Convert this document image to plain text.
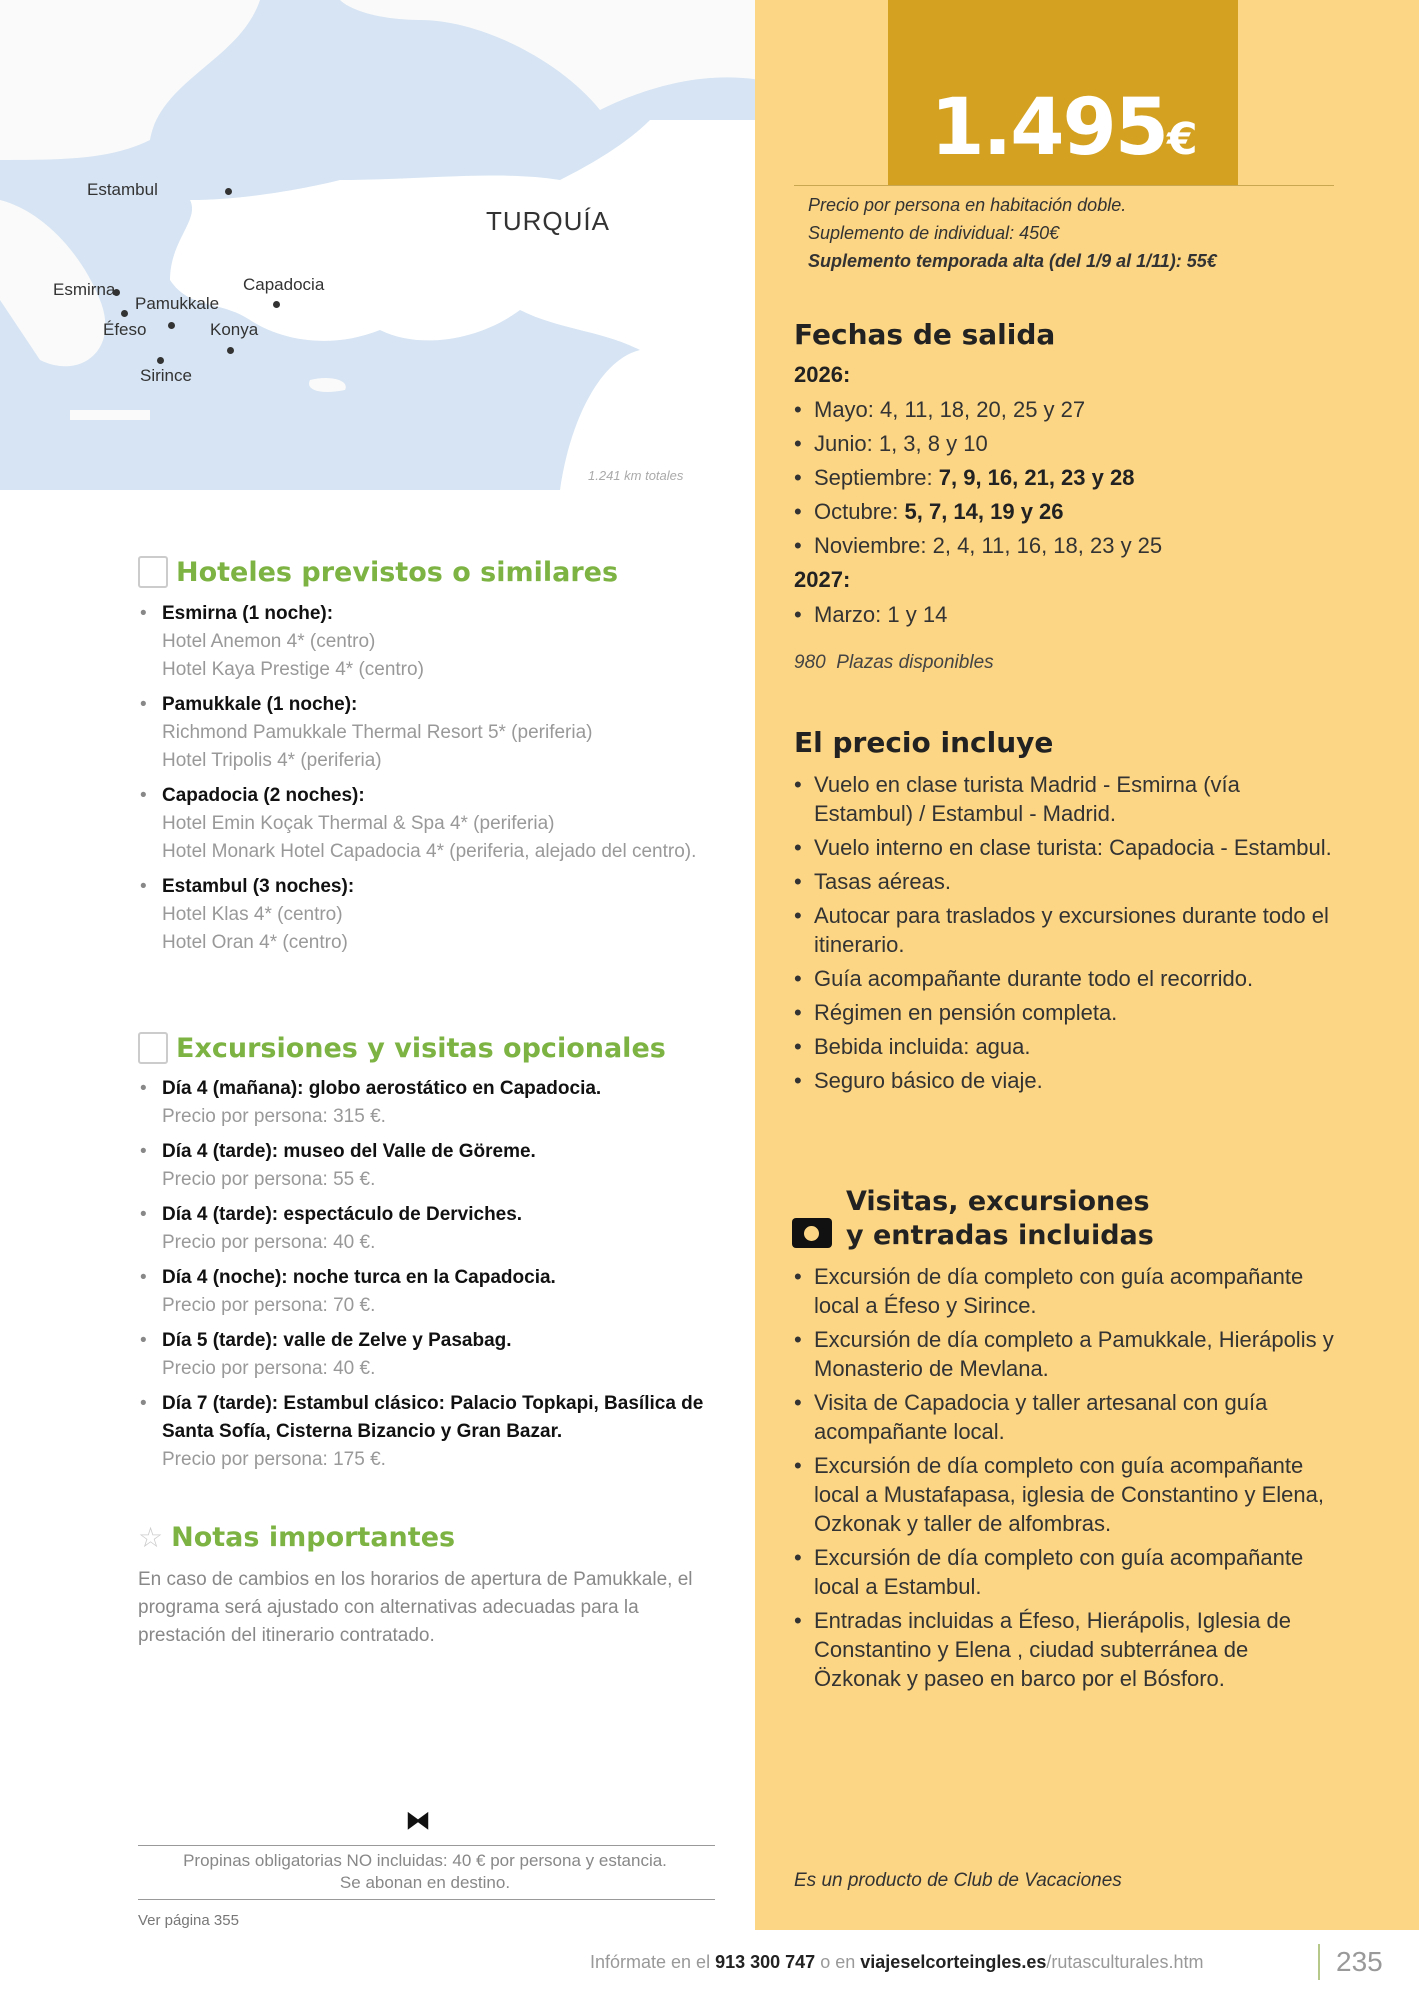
Estambul
Esmirna
Pamukkale
Éfeso
Capadocia
Konya
Sirince
TURQUÍA
1.241 km totales
Hoteles previstos o similares
• Esmirna (1 noche):
Hotel Anemon 4* (centro)
Hotel Kaya Prestige 4* (centro)
• Pamukkale (1 noche):
Richmond Pamukkale Thermal Resort 5* (periferia)
Hotel Tripolis 4* (periferia)
• Capadocia (2 noches):
Hotel Emin Koçak Thermal & Spa 4* (periferia)
Hotel Monark Hotel Capadocia 4* (periferia, alejado del centro).
• Estambul (3 noches):
Hotel Klas 4* (centro)
Hotel Oran 4* (centro)
Excursiones y visitas opcionales
• Día 4 (mañana): globo aerostático en Capadocia.
Precio por persona: 315 €.
• Día 4 (tarde): museo del Valle de Göreme.
Precio por persona: 55 €.
• Día 4 (tarde): espectáculo de Derviches.
Precio por persona: 40 €.
• Día 4 (noche): noche turca en la Capadocia.
Precio por persona: 70 €.
• Día 5 (tarde): valle de Zelve y Pasabag.
Precio por persona: 40 €.
• Día 7 (tarde): Estambul clásico: Palacio Topkapi, Basílica de Santa Sofía, Cisterna Bizancio y Gran Bazar.
Precio por persona: 175 €.
☆ Notas importantes

En caso de cambios en los horarios de apertura de Pamukkale, el programa será ajustado con alternativas adecuadas para la prestación del itinerario contratado.

⧓

Propinas obligatorias NO incluidas: 40 € por persona y estancia. Se abonan en destino.

Ver página 355
1.495€
Precio por persona en habitación doble.
Suplemento de individual: 450€
Suplemento temporada alta (del 1/9 al 1/11): 55€
Fechas de salida
2026:
• Mayo: 4, 11, 18, 20, 25 y 27
• Junio: 1, 3, 8 y 10
• Septiembre: 7, 9, 16, 21, 23 y 28
• Octubre: 5, 7, 14, 19 y 26
• Noviembre: 2, 4, 11, 16, 18, 23 y 25
2027:
• Marzo: 1 y 14
980 Plazas disponibles
El precio incluye
• Vuelo en clase turista Madrid - Esmirna (vía Estambul) / Estambul - Madrid.
• Vuelo interno en clase turista: Capadocia - Estambul.
• Tasas aéreas.
• Autocar para traslados y excursiones durante todo el itinerario.
• Guía acompañante durante todo el recorrido.
• Régimen en pensión completa.
• Bebida incluida: agua.
• Seguro básico de viaje.
Visitas, excursiones
y entradas incluidas
• Excursión de día completo con guía acompañante local a Éfeso y Sirince.
• Excursión de día completo a Pamukkale, Hierápolis y Monasterio de Mevlana.
• Visita de Capadocia y taller artesanal con guía acompañante local.
• Excursión de día completo con guía acompañante local a Mustafapasa, iglesia de Constantino y Elena, Ozkonak y taller de alfombras.
• Excursión de día completo con guía acompañante local a Estambul.
• Entradas incluidas a Éfeso, Hierápolis, Iglesia de Constantino y Elena , ciudad subterránea de Özkonak y paseo en barco por el Bósforo.
Es un producto de Club de Vacaciones
Infórmate en el 913 300 747 o en viajeselcorteingles.es/rutasculturales.htm	235
